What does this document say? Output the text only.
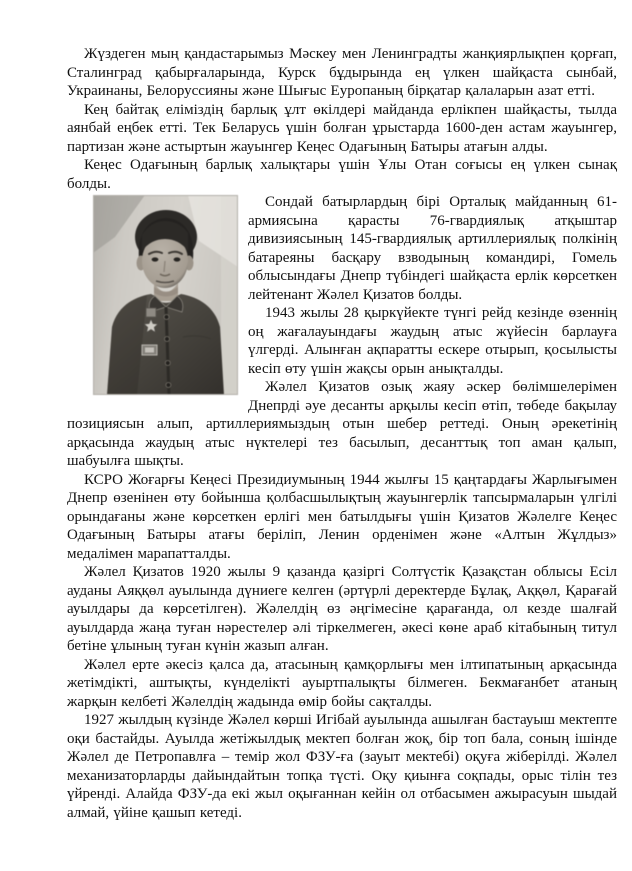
Жүздеген мың қандастарымыз Мәскеу мен Ленинградты жанқиярлықпен қорғап, Сталинград қабырғаларында, Курск бұдырында ең үлкен шайқаста сынбай, Украинаны, Белоруссияны және Шығыс Еуропаның бірқатар қалаларын азат етті.

Кең байтақ еліміздің барлық ұлт өкілдері майданда ерлікпен шайқасты, тылда аянбай еңбек етті. Тек Беларусь үшін болған ұрыстарда 1600-ден астам жауынгер, партизан және астыртын жауынгер Кеңес Одағының Батыры атағын алды.

Кеңес Одағының барлық халықтары үшін Ұлы Отан соғысы ең үлкен сынақ болды.

Сондай батырлардың бірі Орталық майданның 61-армиясына қарасты 76-гвардиялық атқыштар дивизиясының 145-гвардиялық артиллериялық полкінің батареяны басқару взводының командирі, Гомель облысындағы Днепр түбіндегі шайқаста ерлік көрсеткен лейтенант Жәлел Қизатов болды.

1943 жылы 28 қыркүйекте түнгі рейд кезінде өзеннің оң жағалауындағы жаудың атыс жүйесін барлауға үлгерді. Алынған ақпаратты ескере отырып, қосылысты кесіп өту үшін жақсы орын анықталды.

Жәлел Қизатов озық жаяу әскер бөлімшелерімен Днепрді әуе десанты арқылы кесіп өтіп, төбеде бақылау позициясын алып, артиллериямыздың отын шебер реттеді. Оның әрекетінің арқасында жаудың атыс нүктелері тез басылып, десанттық топ аман қалып, шабуылға шықты.

КСРО Жоғарғы Кеңесі Президиумының 1944 жылғы 15 қаңтардағы Жарлығымен Днепр өзенінен өту бойынша қолбасшылықтың жауынгерлік тапсырмаларын үлгілі орындағаны және көрсеткен ерлігі мен батылдығы үшін Қизатов Жәлелге Кеңес Одағының Батыры атағы беріліп, Ленин орденімен және «Алтын Жұлдыз» медалімен марапатталды.

Жәлел Қизатов 1920 жылы 9 қазанда қазіргі Солтүстік Қазақстан облысы Есіл ауданы Аяққөл ауылында дүниеге келген (әртүрлі деректерде Бұлақ, Аққөл, Қарағай ауылдары да көрсетілген). Жәлелдің өз әңгімесіне қарағанда, ол кезде шалғай ауылдарда жаңа туған нәрестелер әлі тіркелмеген, әкесі көне араб кітабының титул бетіне ұлының туған күнін жазып алған.

Жәлел ерте әкесіз қалса да, атасының қамқорлығы мен ілтипатының арқасында жетімдікті, аштықты, күнделікті ауыртпалықты білмеген. Бекмағанбет атаның жарқын келбеті Жәлелдің жадында өмір бойы сақталды.

1927 жылдың күзінде Жәлел көрші Игібай ауылында ашылған бастауыш мектепте оқи бастайды. Ауылда жетіжылдық мектеп болған жоқ, бір топ бала, соның ішінде Жәлел де Петропавлға – темір жол ФЗУ-ға (зауыт мектебі) оқуға жіберілді. Жәлел механизаторларды дайындайтын топқа түсті. Оқу қиынға соқпады, орыс тілін тез үйренді. Алайда ФЗУ-да екі жыл оқығаннан кейін ол отбасымен ажырасуын шыдай алмай, үйіне қашып кетеді.
